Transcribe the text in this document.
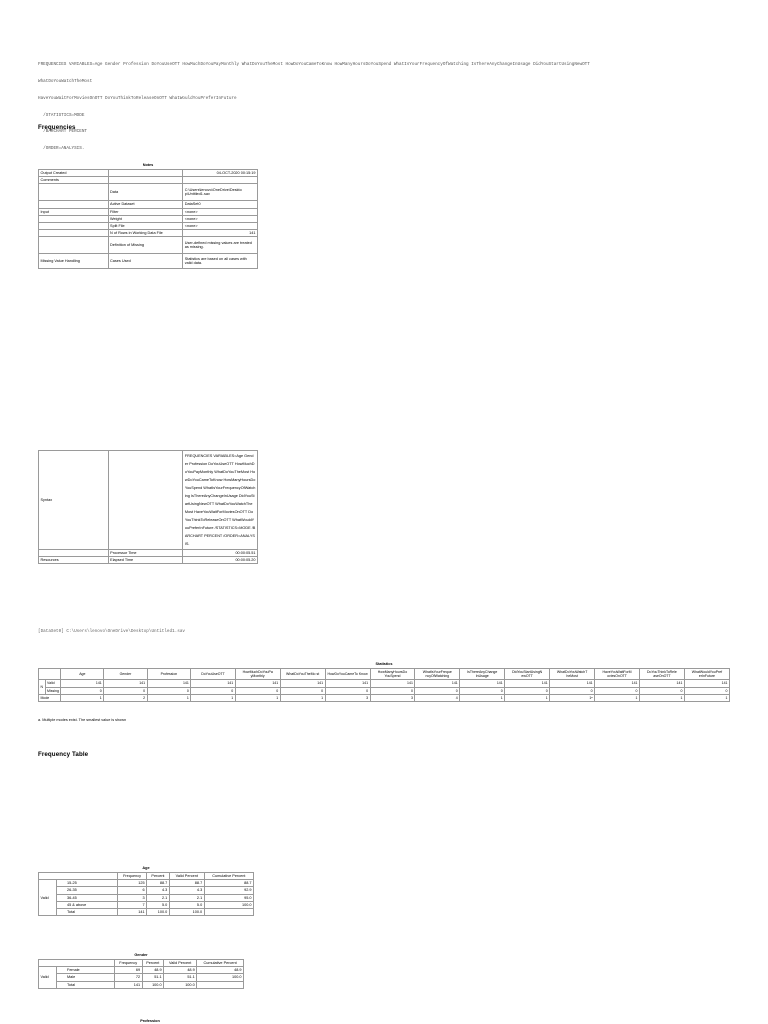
FREQUENCIES VARIABLES=Age Gender Profession DoYouUseOTT HowMuchDoYouPayMonthly WhatDoYouTheMost HowDoYouCameToKnow HowManyHoursDoYouSpend WhatIsYourFrequencyOfWatching IsThereAnyChangeInUsage DidYouStartUsingNewOTT

WhatDoYouWatchTheMost

HaveYouWaitForMoviesOnOTT DoYouThinkToReleaseOnOTT WhatWouldYouPreferInFuture

/STATISTICS=MODE

/BARCHART PERCENT

/ORDER=ANALYSIS.

Frequencies
Notes
Output Created		04-OCT-2020 00:15:19
Comments		
	Data	C:\Users\lenovo\OneDrive\Deskto p\Untitled1.sav
	Active Dataset	DataSet0
Input	Filter	<none>
	Weight	<none>
	Split File	<none>
	N of Rows in Working Data File	141
	Definition of Missing	User-defined missing values are treated as missing.
Missing Value Handling	Cases Used	Statistics are based on all cases with valid data.
Syntax		FREQUENCIES VARIABLES=Age Gender Profession DoYouUseOTT HowMuchDoYouPayMonthly WhatDoYouTheMost HowDoYouCameToKnow HowManyHoursDoYouSpend WhatIsYourFrequencyOfWatching IsThereAnyChangeInUsage DidYouStartUsingNewOTT WhatDoYouWatchTheMost HaveYouWaitForMoviesOnOTT DoYouThinkToReleaseOnOTT WhatWouldYouPreferInFuture /STATISTICS=MODE /BARCHART PERCENT /ORDER=ANALYSIS.
	Processor Time	00:00:05.51
Resources	Elapsed Time	00:00:05.20
[DataSet0] C:\Users\lenovo\OneDrive\Desktop\Untitled1.sav
Statistics
		Age	Gender	Profession	DoYouUseOTT	HowMuchDoYouPa yMonthly	WhatDoYouTheMo st	HowDoYouCameTo Know	HowManyHoursDo YouSpend	WhatIsYourFreque ncyOfWatching	IsThereAnyChange InUsage	DidYouStartUsingN ewOTT	WhatDoYouWatchT heMost	HaveYouWaitForM oviesOnOTT	DoYouThinkToRele aseOnOTT	WhatWouldYouPref erInFuture
N	Valid	141	141	141	141	141	141	141	141	141	141	141	141	141	141	141
	Missing	0	0	0	0	0	0	0	0	0	0	0	0	0	0	0
Mode		1	2	1	1	1	1	3	3	4	1	1	1ᵃ	1	1	1
a. Multiple modes exist. The smallest value is shown
Frequency Table
Age
		Frequency	Percent	Valid Percent	Cumulative Percent
Valid	15-25	125	88.7	88.7	88.7
	26-35	6	4.3	4.3	92.9
	36-45	3	2.1	2.1	95.0
	45 & above	7	5.0	5.0	100.0
	Total	141	100.0	100.0	
Gender
		Frequency	Percent	Valid Percent	Cumulative Percent
Valid	Female	69	48.9	48.9	48.9
	Male	72	51.1	51.1	100.0
	Total	141	100.0	100.0	
Profession
